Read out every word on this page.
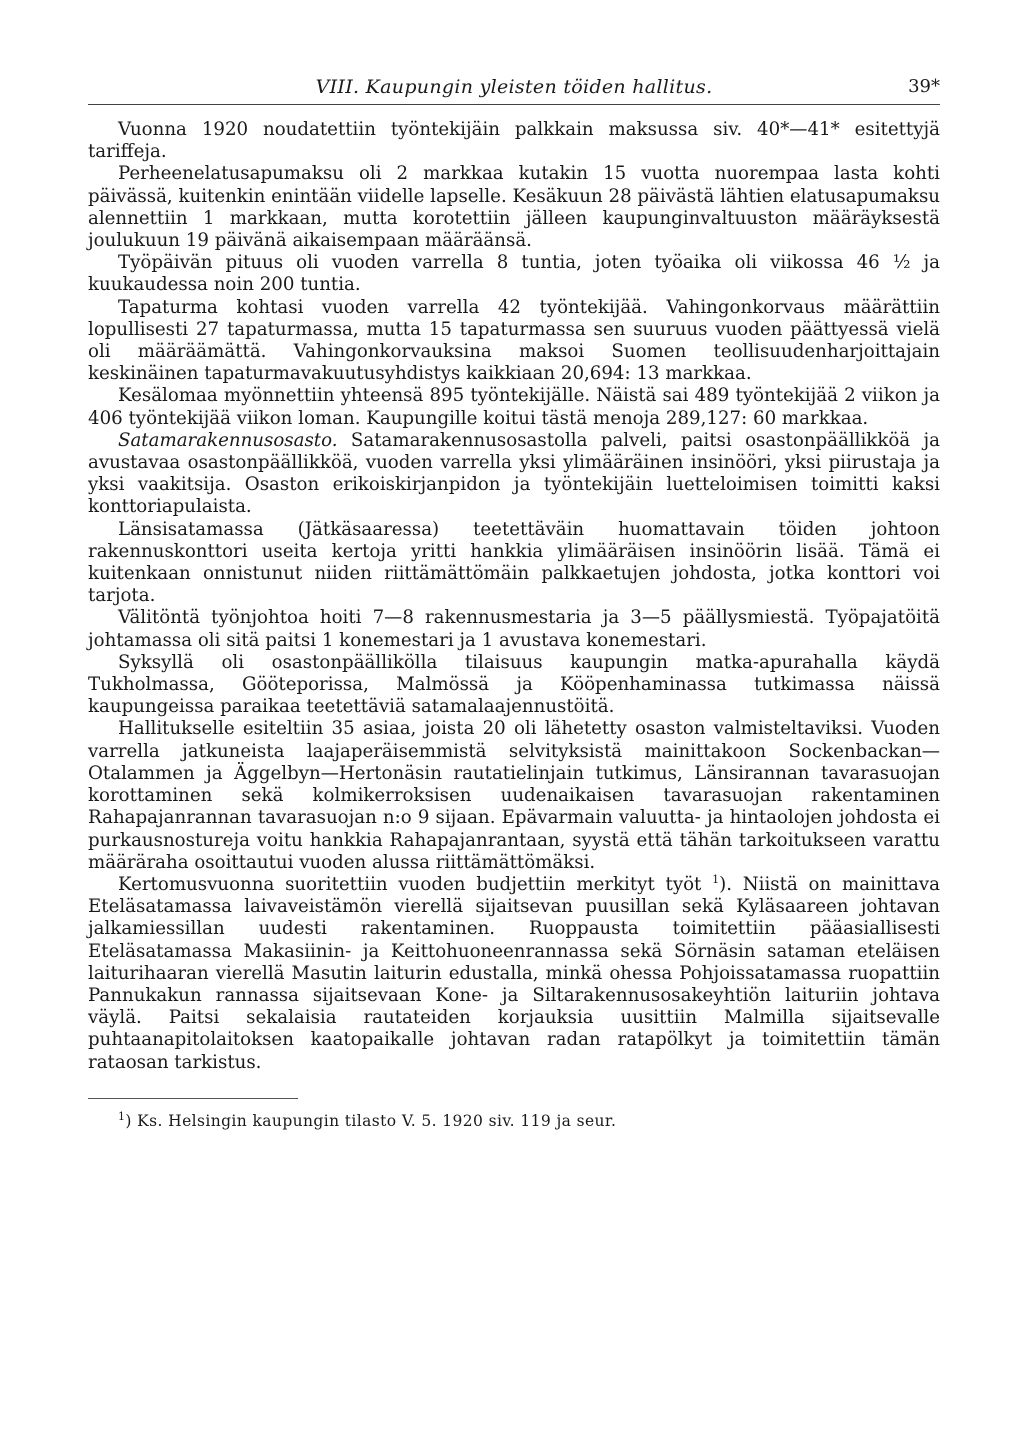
VIII. Kaupungin yleisten töiden hallitus.	39*

Vuonna 1920 noudatettiin työntekijäin palkkain maksussa siv. 40*—41* esitettyjä tariffeja.

Perheenelatusapumaksu oli 2 markkaa kutakin 15 vuotta nuorempaa lasta kohti päivässä, kuitenkin enintään viidelle lapselle. Kesäkuun 28 päivästä lähtien elatusapumaksu alennettiin 1 markkaan, mutta korotettiin jälleen kaupunginvaltuuston määräyksestä joulukuun 19 päivänä aikaisempaan määräänsä.

Työpäivän pituus oli vuoden varrella 8 tuntia, joten työaika oli viikossa 46 ½ ja kuukaudessa noin 200 tuntia.

Tapaturma kohtasi vuoden varrella 42 työntekijää. Vahingonkorvaus määrättiin lopullisesti 27 tapaturmassa, mutta 15 tapaturmassa sen suuruus vuoden päättyessä vielä oli määräämättä. Vahingonkorvauksina maksoi Suomen teollisuudenharjoittajain keskinäinen tapaturmavakuutusyhdistys kaikkiaan 20,694: 13 markkaa.

Kesälomaa myönnettiin yhteensä 895 työntekijälle. Näistä sai 489 työntekijää 2 viikon ja 406 työntekijää viikon loman. Kaupungille koitui tästä menoja 289,127: 60 markkaa.

Satamarakennusosasto. Satamarakennusosastolla palveli, paitsi osastonpäällikköä ja avustavaa osastonpäällikköä, vuoden varrella yksi ylimääräinen insinööri, yksi piirustaja ja yksi vaakitsija. Osaston erikoiskirjanpidon ja työntekijäin luetteloimisen toimitti kaksi konttoriapulaista.

Länsisatamassa (Jätkäsaaressa) teetettäväin huomattavain töiden johtoon rakennuskonttori useita kertoja yritti hankkia ylimääräisen insinöörin lisää. Tämä ei kuitenkaan onnistunut niiden riittämättömäin palkkaetujen johdosta, jotka konttori voi tarjota.

Välitöntä työnjohtoa hoiti 7—8 rakennusmestaria ja 3—5 päällysmiestä. Työpajatöitä johtamassa oli sitä paitsi 1 konemestari ja 1 avustava konemestari.

Syksyllä oli osastonpäällikölla tilaisuus kaupungin matka-apurahalla käydä Tukholmassa, Gööteporissa, Malmössä ja Kööpenhaminassa tutkimassa näissä kaupungeissa paraikaa teetettäviä satamalaajennustöitä.

Hallitukselle esiteltiin 35 asiaa, joista 20 oli lähetetty osaston valmisteltaviksi. Vuoden varrella jatkuneista laajaperäisemmistä selvityksistä mainittakoon Sockenbackan—Otalammen ja Äggelbyn—Hertonäsin rautatielinjain tutkimus, Länsirannan tavarasuojan korottaminen sekä kolmikerroksisen uudenaikaisen tavarasuojan rakentaminen Rahapajanrannan tavarasuojan n:o 9 sijaan. Epävarmain valuutta- ja hintaolojen johdosta ei purkausnostureja voitu hankkia Rahapajanrantaan, syystä että tähän tarkoitukseen varattu määräraha osoittautui vuoden alussa riittämättömäksi.

Kertomusvuonna suoritettiin vuoden budjettiin merkityt työt $^1$). Niistä on mainittava Eteläsatamassa laivaveistämön vierellä sijaitsevan puusillan sekä Kyläsaareen johtavan jalkamiessillan uudesti rakentaminen. Ruoppausta toimitettiin pääasiallisesti Eteläsatamassa Makasiinin- ja Keittohuoneenrannassa sekä Sörnäsin sataman eteläisen laiturihaaran vierellä Masutin laiturin edustalla, minkä ohessa Pohjoissatamassa ruopattiin Pannukakun rannassa sijaitsevaan Kone- ja Siltarakennusosakeyhtiön laituriin johtava väylä. Paitsi sekalaisia rautateiden korjauksia uusittiin Malmilla sijaitsevalle puhtaanapitolaitoksen kaatopaikalle johtavan radan ratapölkyt ja toimitettiin tämän rataosan tarkistus.

$^1$) Ks. Helsingin kaupungin tilasto V. 5. 1920 siv. 119 ja seur.
